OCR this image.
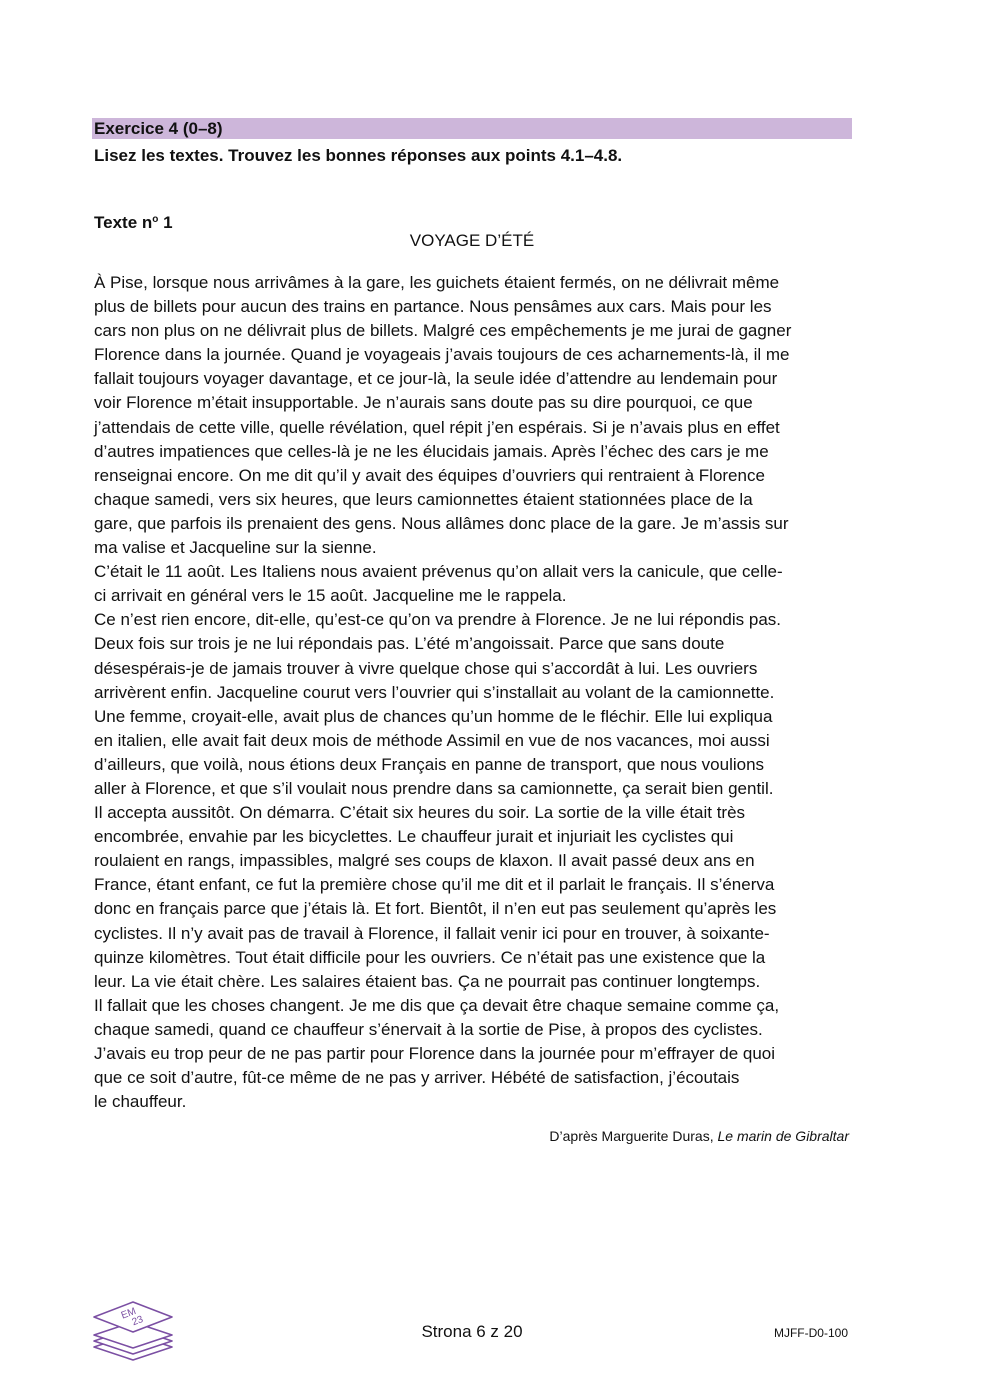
Exercice 4 (0–8)
Lisez les textes. Trouvez les bonnes réponses aux points 4.1–4.8.
Texte $n^o$ 1
VOYAGE D’ÉTÉ
À Pise, lorsque nous arrivâmes à la gare, les guichets étaient fermés, on ne délivrait même
plus de billets pour aucun des trains en partance. Nous pensâmes aux cars. Mais pour les
cars non plus on ne délivrait plus de billets. Malgré ces empêchements je me jurai de gagner
Florence dans la journée. Quand je voyageais j’avais toujours de ces acharnements-là, il me
fallait toujours voyager davantage, et ce jour-là, la seule idée d’attendre au lendemain pour
voir Florence m’était insupportable. Je n’aurais sans doute pas su dire pourquoi, ce que
j’attendais de cette ville, quelle révélation, quel répit j’en espérais. Si je n’avais plus en effet
d’autres impatiences que celles-là je ne les élucidais jamais. Après l’échec des cars je me
renseignai encore. On me dit qu’il y avait des équipes d’ouvriers qui rentraient à Florence
chaque samedi, vers six heures, que leurs camionnettes étaient stationnées place de la
gare, que parfois ils prenaient des gens. Nous allâmes donc place de la gare. Je m’assis sur
ma valise et Jacqueline sur la sienne.
C’était le 11 août. Les Italiens nous avaient prévenus qu’on allait vers la canicule, que celle-
ci arrivait en général vers le 15 août. Jacqueline me le rappela.
Ce n’est rien encore, dit-elle, qu’est-ce qu’on va prendre à Florence. Je ne lui répondis pas.
Deux fois sur trois je ne lui répondais pas. L’été m’angoissait. Parce que sans doute
désespérais-je de jamais trouver à vivre quelque chose qui s’accordât à lui. Les ouvriers
arrivèrent enfin. Jacqueline courut vers l’ouvrier qui s’installait au volant de la camionnette.
Une femme, croyait-elle, avait plus de chances qu’un homme de le fléchir. Elle lui expliqua
en italien, elle avait fait deux mois de méthode Assimil en vue de nos vacances, moi aussi
d’ailleurs, que voilà, nous étions deux Français en panne de transport, que nous voulions
aller à Florence, et que s’il voulait nous prendre dans sa camionnette, ça serait bien gentil.
Il accepta aussitôt. On démarra. C’était six heures du soir. La sortie de la ville était très
encombrée, envahie par les bicyclettes. Le chauffeur jurait et injuriait les cyclistes qui
roulaient en rangs, impassibles, malgré ses coups de klaxon. Il avait passé deux ans en
France, étant enfant, ce fut la première chose qu’il me dit et il parlait le français. Il s’énerva
donc en français parce que j’étais là. Et fort. Bientôt, il n’en eut pas seulement qu’après les
cyclistes. Il n’y avait pas de travail à Florence, il fallait venir ici pour en trouver, à soixante-
quinze kilomètres. Tout était difficile pour les ouvriers. Ce n’était pas une existence que la
leur. La vie était chère. Les salaires étaient bas. Ça ne pourrait pas continuer longtemps.
Il fallait que les choses changent. Je me dis que ça devait être chaque semaine comme ça,
chaque samedi, quand ce chauffeur s’énervait à la sortie de Pise, à propos des cyclistes.
J’avais eu trop peur de ne pas partir pour Florence dans la journée pour m’effrayer de quoi
que ce soit d’autre, fût-ce même de ne pas y arriver. Hébété de satisfaction, j’écoutais
le chauffeur.
D’après Marguerite Duras, Le marin de Gibraltar
EM
23
Strona 6 z 20	MJFF-D0-100
